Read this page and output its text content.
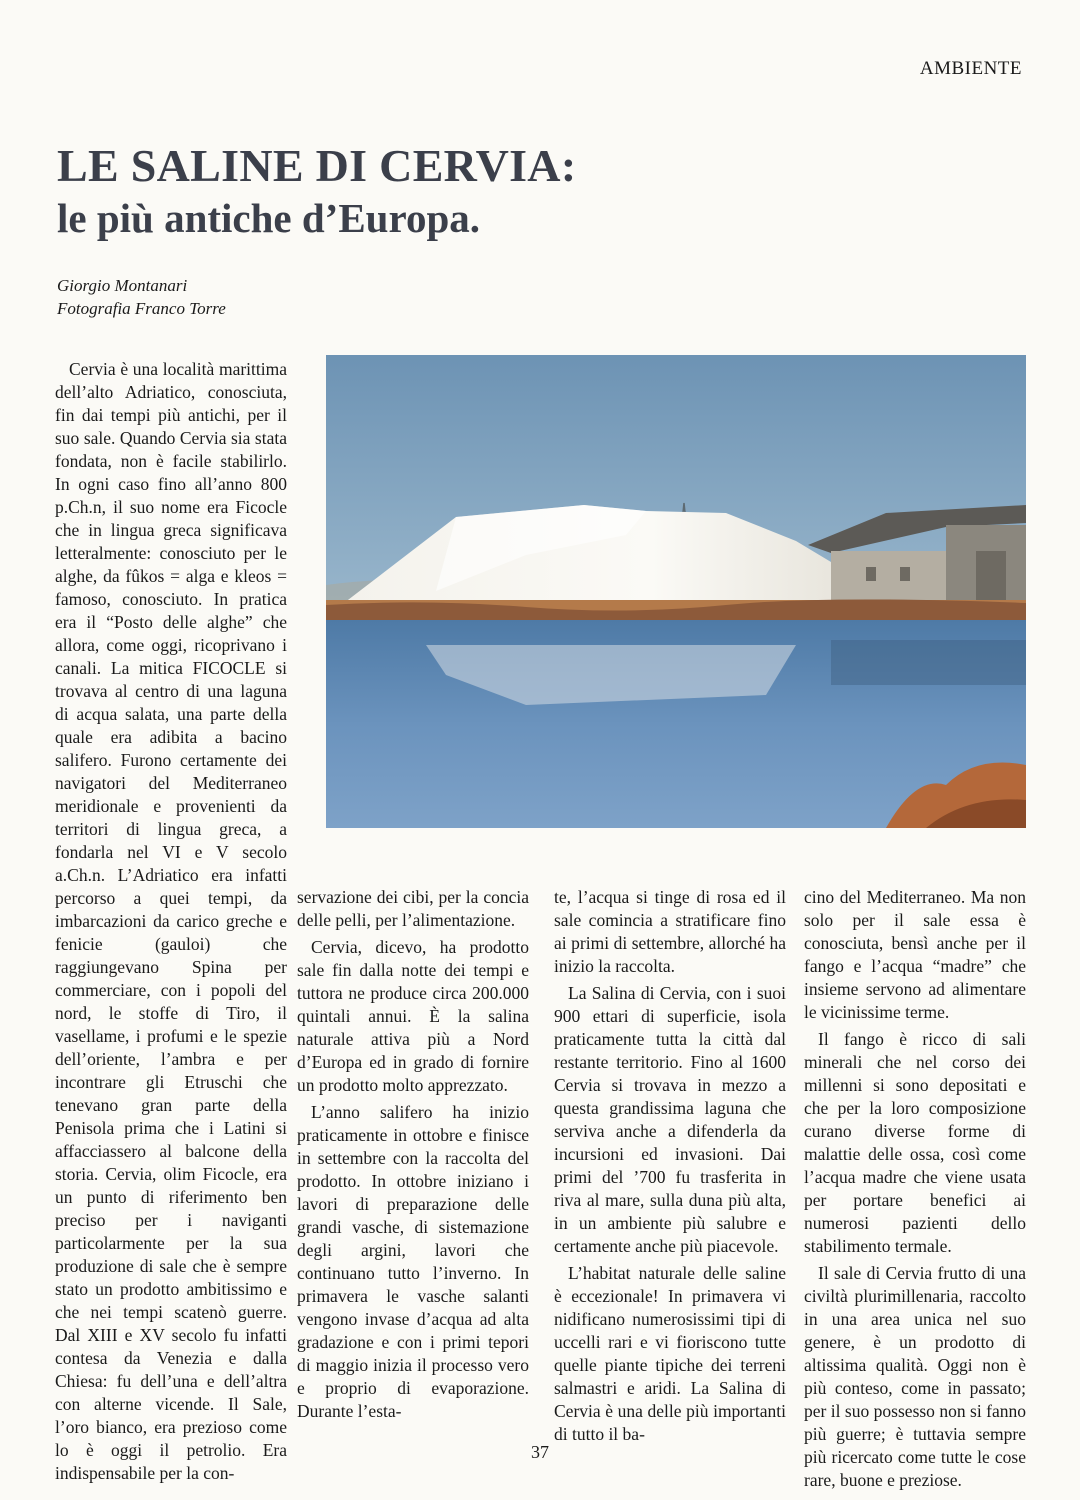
AMBIENTE
LE SALINE DI CERVIA:
le più antiche d’Europa.
Giorgio Montanari
Fotografia Franco Torre

Cervia è una località marittima dell’alto Adriatico, conosciuta, fin dai tempi più antichi, per il suo sale. Quando Cervia sia stata fondata, non è facile stabilirlo. In ogni caso fino all’anno 800 p.Ch.n, il suo nome era Ficocle che in lingua greca significava letteralmente: conosciuto per le alghe, da fûkos = alga e kleos = famoso, conosciuto. In pratica era il “Posto delle alghe” che allora, come oggi, ricoprivano i canali. La mitica FICOCLE si trovava al centro di una laguna di acqua salata, una parte della quale era adibita a bacino salifero. Furono certamente dei navigatori del Mediterraneo meridionale e provenienti da territori di lingua greca, a fondarla nel VI e V secolo a.Ch.n. L’Adriatico era infatti percorso a quei tempi, da imbarcazioni da carico greche e fenicie (gauloi) che raggiungevano Spina per commerciare, con i popoli del nord, le stoffe di Tiro, il vasellame, i profumi e le spezie dell’oriente, l’ambra e per incontrare gli Etruschi che tenevano gran parte della Penisola prima che i Latini si affacciassero al balcone della storia. Cervia, olim Ficocle, era un punto di riferimento ben preciso per i naviganti particolarmente per la sua produzione di sale che è sempre stato un prodotto ambitissimo e che nei tempi scatenò guerre. Dal XIII e XV secolo fu infatti contesa da Venezia e dalla Chiesa: fu dell’una e dell’altra con alterne vicende. Il Sale, l’oro bianco, era prezioso come lo è oggi il petrolio. Era indispensabile per la con-

servazione dei cibi, per la concia delle pelli, per l’alimentazione.

Cervia, dicevo, ha prodotto sale fin dalla notte dei tempi e tuttora ne produce circa 200.000 quintali annui. È la salina naturale attiva più a Nord d’Europa ed in grado di fornire un prodotto molto apprezzato.

L’anno salifero ha inizio praticamente in ottobre e finisce in settembre con la raccolta del prodotto. In ottobre iniziano i lavori di preparazione delle grandi vasche, di sistemazione degli argini, lavori che continuano tutto l’inverno. In primavera le vasche salanti vengono invase d’acqua ad alta gradazione e con i primi tepori di maggio inizia il processo vero e proprio di evaporazione. Durante l’esta-

te, l’acqua si tinge di rosa ed il sale comincia a stratificare fino ai primi di settembre, allorché ha inizio la raccolta.

La Salina di Cervia, con i suoi 900 ettari di superficie, isola praticamente tutta la città dal restante territorio. Fino al 1600 Cervia si trovava in mezzo a questa grandissima laguna che serviva anche a difenderla da incursioni ed invasioni. Dai primi del ’700 fu trasferita in riva al mare, sulla duna più alta, in un ambiente più salubre e certamente anche più piacevole.

L’habitat naturale delle saline è eccezionale! In primavera vi nidificano numerosissimi tipi di uccelli rari e vi fioriscono tutte quelle piante tipiche dei terreni salmastri e aridi. La Salina di Cervia è una delle più importanti di tutto il ba-

cino del Mediterraneo. Ma non solo per il sale essa è conosciuta, bensì anche per il fango e l’acqua “madre” che insieme servono ad alimentare le vicinissime terme.

Il fango è ricco di sali minerali che nel corso dei millenni si sono depositati e che per la loro composizione curano diverse forme di malattie delle ossa, così come l’acqua madre che viene usata per portare benefici ai numerosi pazienti dello stabilimento termale.

Il sale di Cervia frutto di una civiltà plurimillenaria, raccolto in una area unica nel suo genere, è un prodotto di altissima qualità. Oggi non è più conteso, come in passato; per il suo possesso non si fanno più guerre; è tuttavia sempre più ricercato come tutte le cose rare, buone e preziose.

37
